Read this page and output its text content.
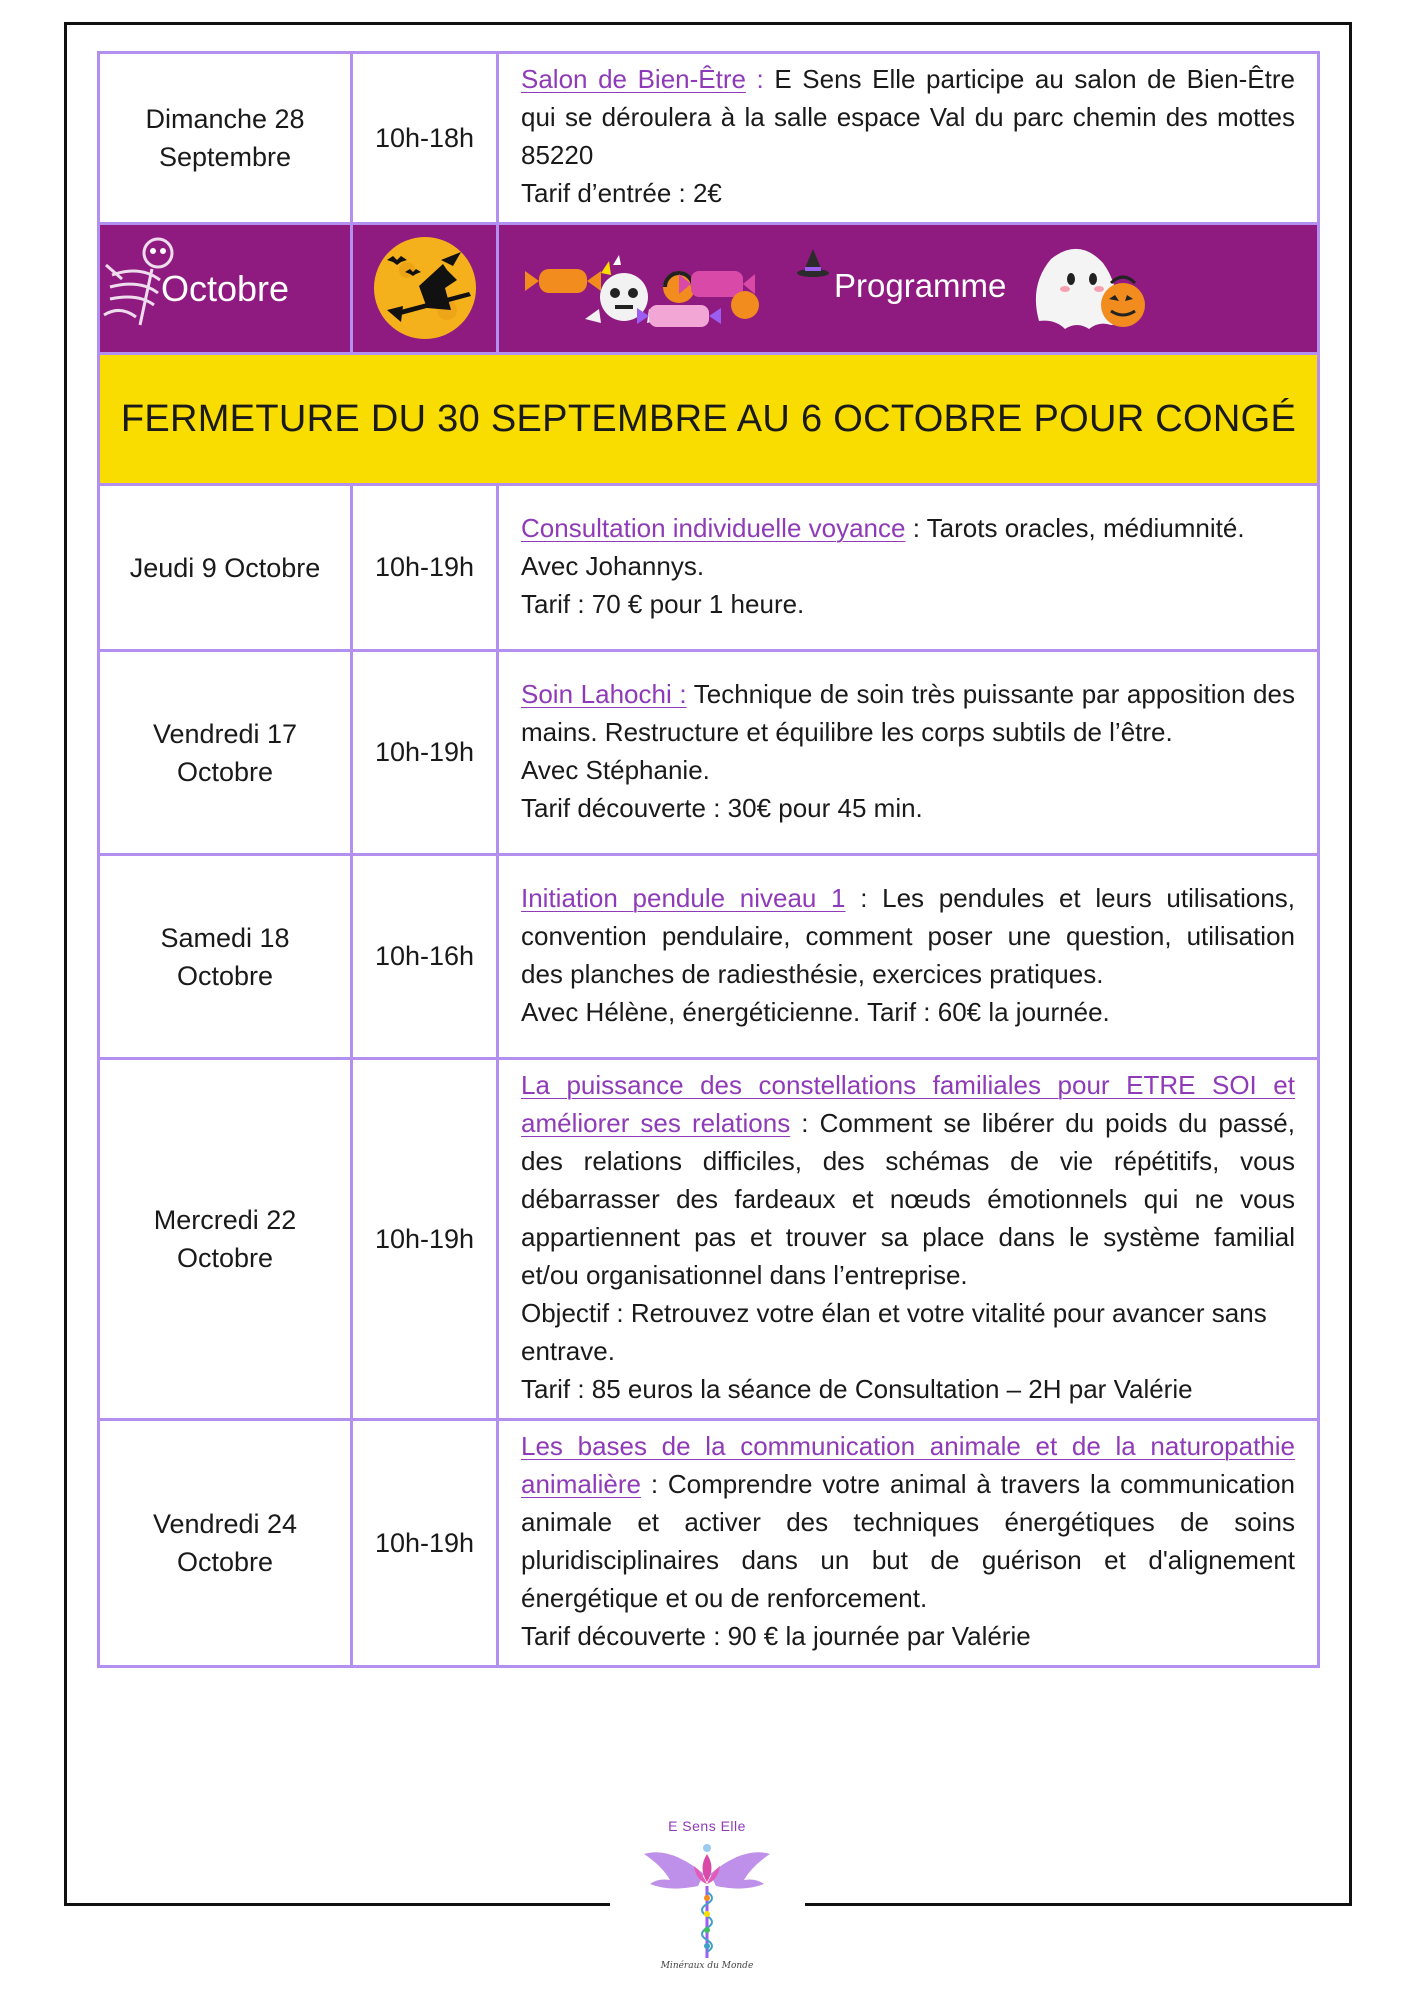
Dimanche 28
Septembre	10h-18h	Salon de Bien-Être : E Sens Elle participe au salon de Bien-Être qui se déroulera à la salle espace Val du parc chemin des mottes 85220
Tarif d’entrée : 2€

Octobre		Programme

FERMETURE DU 30 SEPTEMBRE AU 6 OCTOBRE POUR CONGÉ		
Jeudi 9 Octobre	10h-19h	Consultation individuelle voyance : Tarots oracles, médiumnité.
Avec Johannys.
Tarif : 70 € pour 1 heure.

Vendredi 17 Octobre	10h-19h	Soin Lahochi : Technique de soin très puissante par apposition des mains. Restructure et équilibre les corps subtils de l’être.
Avec Stéphanie.
Tarif découverte : 30€ pour 45 min.

Samedi 18 Octobre	10h-16h	Initiation pendule niveau 1 : Les pendules et leurs utilisations, convention pendulaire, comment poser une question, utilisation des planches de radiesthésie, exercices pratiques.
Avec Hélène, énergéticienne. Tarif : 60€ la journée.

Mercredi 22
Octobre	10h-19h	La puissance des constellations familiales pour ETRE SOI et améliorer ses relations : Comment se libérer du poids du passé, des relations difficiles, des schémas de vie répétitifs, vous débarrasser des fardeaux et nœuds émotionnels qui ne vous appartiennent pas et trouver sa place dans le système familial et/ou organisationnel dans l’entreprise.
Objectif : Retrouvez votre élan et votre vitalité pour avancer sans entrave.
Tarif : 85 euros la séance de Consultation – 2H par Valérie

Vendredi 24
Octobre	10h-19h	Les bases de la communication animale et de la naturopathie animalière : Comprendre votre animal à travers la communication animale et activer des techniques énergétiques de soins pluridisciplinaires dans un but de guérison et d'alignement énergétique et ou de renforcement.
Tarif découverte : 90 € la journée par Valérie
E Sens Elle
Minéraux du Monde
